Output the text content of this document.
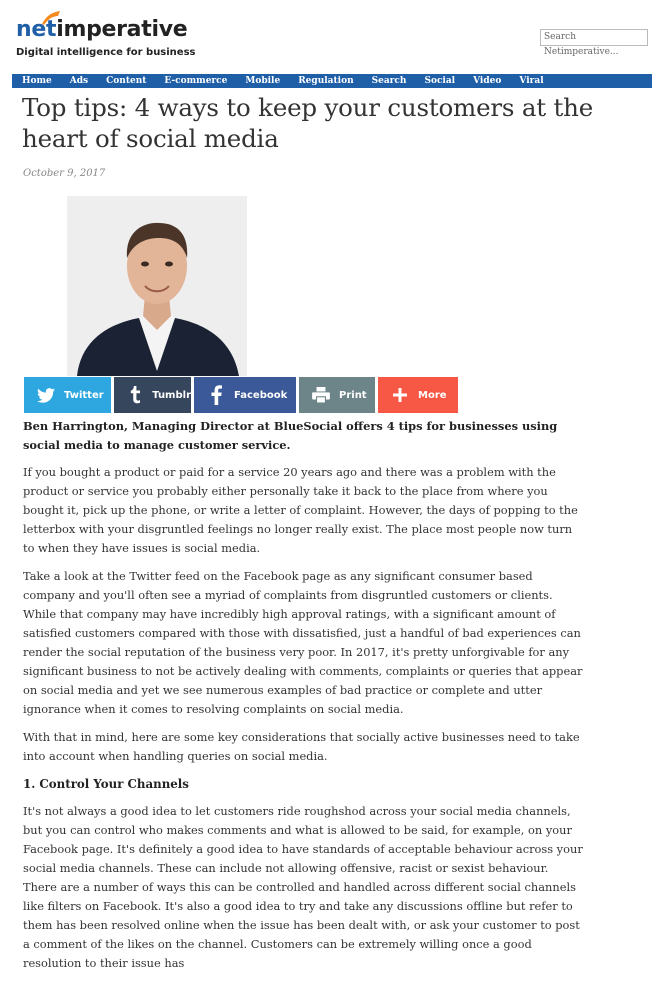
netimperative
Digital intelligence for business
Search Netimperative...
Home	Ads	Content	E-commerce	Mobile	Regulation	Search	Social	Video	Viral
Top tips: 4 ways to keep your customers at the heart of social media
October 9, 2017
Twitter	Tumblr	Facebook	Print	More

Ben Harrington, Managing Director at BlueSocial offers 4 tips for businesses using social media to manage customer service.

If you bought a product or paid for a service 20 years ago and there was a problem with the product or service you probably either personally take it back to the place from where you bought it, pick up the phone, or write a letter of complaint. However, the days of popping to the letterbox with your disgruntled feelings no longer really exist. The place most people now turn to when they have issues is social media.

Take a look at the Twitter feed on the Facebook page as any significant consumer based company and you'll often see a myriad of complaints from disgruntled customers or clients. While that company may have incredibly high approval ratings, with a significant amount of satisfied customers compared with those with dissatisfied, just a handful of bad experiences can render the social reputation of the business very poor. In 2017, it's pretty unforgivable for any significant business to not be actively dealing with comments, complaints or queries that appear on social media and yet we see numerous examples of bad practice or complete and utter ignorance when it comes to resolving complaints on social media.

With that in mind, here are some key considerations that socially active businesses need to take into account when handling queries on social media.

1. Control Your Channels

It's not always a good idea to let customers ride roughshod across your social media channels, but you can control who makes comments and what is allowed to be said, for example, on your Facebook page. It's definitely a good idea to have standards of acceptable behaviour across your social media channels. These can include not allowing offensive, racist or sexist behaviour. There are a number of ways this can be controlled and handled across different social channels like filters on Facebook. It's also a good idea to try and take any discussions offline but refer to them has been resolved online when the issue has been dealt with, or ask your customer to post a comment of the likes on the channel. Customers can be extremely willing once a good resolution to their issue has
